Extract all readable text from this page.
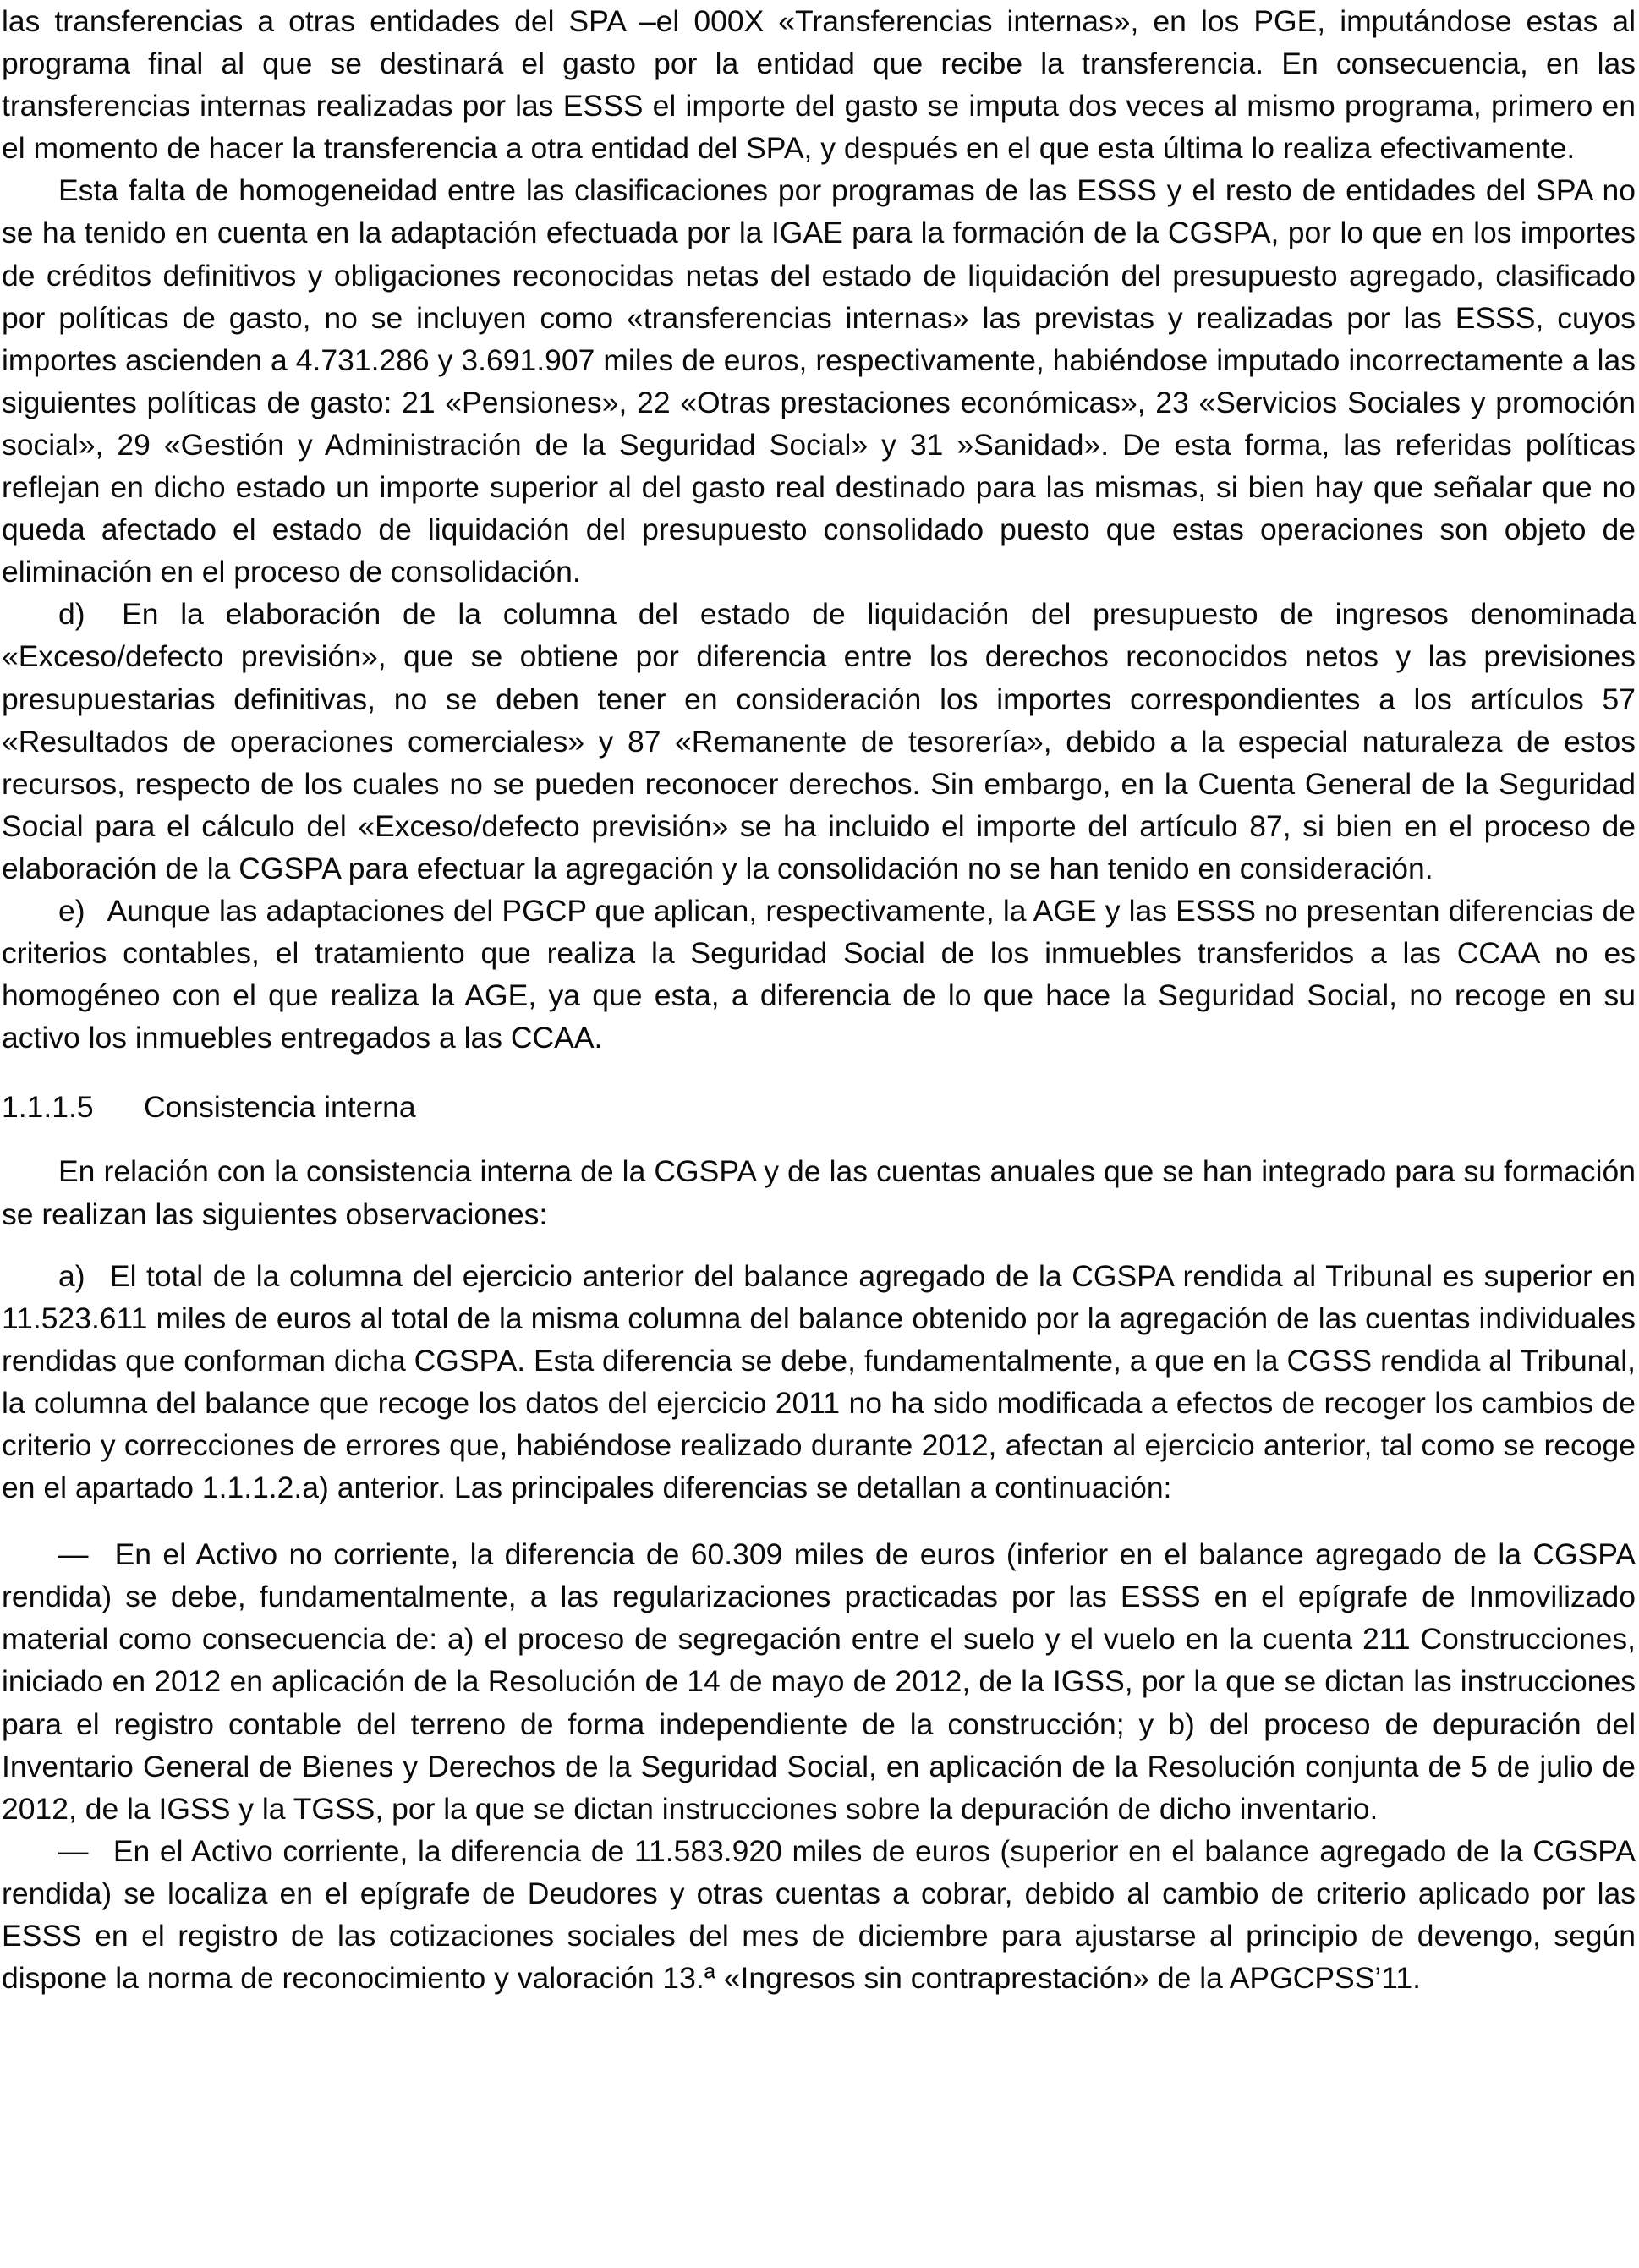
las transferencias a otras entidades del SPA –el 000X «Transferencias internas», en los PGE, imputándose estas al programa final al que se destinará el gasto por la entidad que recibe la transferencia. En consecuencia, en las transferencias internas realizadas por las ESSS el importe del gasto se imputa dos veces al mismo programa, primero en el momento de hacer la transferencia a otra entidad del SPA, y después en el que esta última lo realiza efectivamente.

Esta falta de homogeneidad entre las clasificaciones por programas de las ESSS y el resto de entidades del SPA no se ha tenido en cuenta en la adaptación efectuada por la IGAE para la formación de la CGSPA, por lo que en los importes de créditos definitivos y obligaciones reconocidas netas del estado de liquidación del presupuesto agregado, clasificado por políticas de gasto, no se incluyen como «transferencias internas» las previstas y realizadas por las ESSS, cuyos importes ascienden a 4.731.286 y 3.691.907 miles de euros, respectivamente, habiéndose imputado incorrectamente a las siguientes políticas de gasto: 21 «Pensiones», 22 «Otras prestaciones económicas», 23 «Servicios Sociales y promoción social», 29 «Gestión y Administración de la Seguridad Social» y 31 »Sanidad». De esta forma, las referidas políticas reflejan en dicho estado un importe superior al del gasto real destinado para las mismas, si bien hay que señalar que no queda afectado el estado de liquidación del presupuesto consolidado puesto que estas operaciones son objeto de eliminación en el proceso de consolidación.

d)  En la elaboración de la columna del estado de liquidación del presupuesto de ingresos denominada «Exceso/defecto previsión», que se obtiene por diferencia entre los derechos reconocidos netos y las previsiones presupuestarias definitivas, no se deben tener en consideración los importes correspondientes a los artículos 57 «Resultados de operaciones comerciales» y 87 «Remanente de tesorería», debido a la especial naturaleza de estos recursos, respecto de los cuales no se pueden reconocer derechos. Sin embargo, en la Cuenta General de la Seguridad Social para el cálculo del «Exceso/defecto previsión» se ha incluido el importe del artículo 87, si bien en el proceso de elaboración de la CGSPA para efectuar la agregación y la consolidación no se han tenido en consideración.

e)  Aunque las adaptaciones del PGCP que aplican, respectivamente, la AGE y las ESSS no presentan diferencias de criterios contables, el tratamiento que realiza la Seguridad Social de los inmuebles transferidos a las CCAA no es homogéneo con el que realiza la AGE, ya que esta, a diferencia de lo que hace la Seguridad Social, no recoge en su activo los inmuebles entregados a las CCAA.

1.1.1.5 Consistencia interna

En relación con la consistencia interna de la CGSPA y de las cuentas anuales que se han integrado para su formación se realizan las siguientes observaciones:

a)  El total de la columna del ejercicio anterior del balance agregado de la CGSPA rendida al Tribunal es superior en 11.523.611 miles de euros al total de la misma columna del balance obtenido por la agregación de las cuentas individuales rendidas que conforman dicha CGSPA. Esta diferencia se debe, fundamentalmente, a que en la CGSS rendida al Tribunal, la columna del balance que recoge los datos del ejercicio 2011 no ha sido modificada a efectos de recoger los cambios de criterio y correcciones de errores que, habiéndose realizado durante 2012, afectan al ejercicio anterior, tal como se recoge en el apartado 1.1.1.2.a) anterior. Las principales diferencias se detallan a continuación:

—  En el Activo no corriente, la diferencia de 60.309 miles de euros (inferior en el balance agregado de la CGSPA rendida) se debe, fundamentalmente, a las regularizaciones practicadas por las ESSS en el epígrafe de Inmovilizado material como consecuencia de: a) el proceso de segregación entre el suelo y el vuelo en la cuenta 211 Construcciones, iniciado en 2012 en aplicación de la Resolución de 14 de mayo de 2012, de la IGSS, por la que se dictan las instrucciones para el registro contable del terreno de forma independiente de la construcción; y b) del proceso de depuración del Inventario General de Bienes y Derechos de la Seguridad Social, en aplicación de la Resolución conjunta de 5 de julio de 2012, de la IGSS y la TGSS, por la que se dictan instrucciones sobre la depuración de dicho inventario.

—  En el Activo corriente, la diferencia de 11.583.920 miles de euros (superior en el balance agregado de la CGSPA rendida) se localiza en el epígrafe de Deudores y otras cuentas a cobrar, debido al cambio de criterio aplicado por las ESSS en el registro de las cotizaciones sociales del mes de diciembre para ajustarse al principio de devengo, según dispone la norma de reconocimiento y valoración 13.ª «Ingresos sin contraprestación» de la APGCPSS’11.
